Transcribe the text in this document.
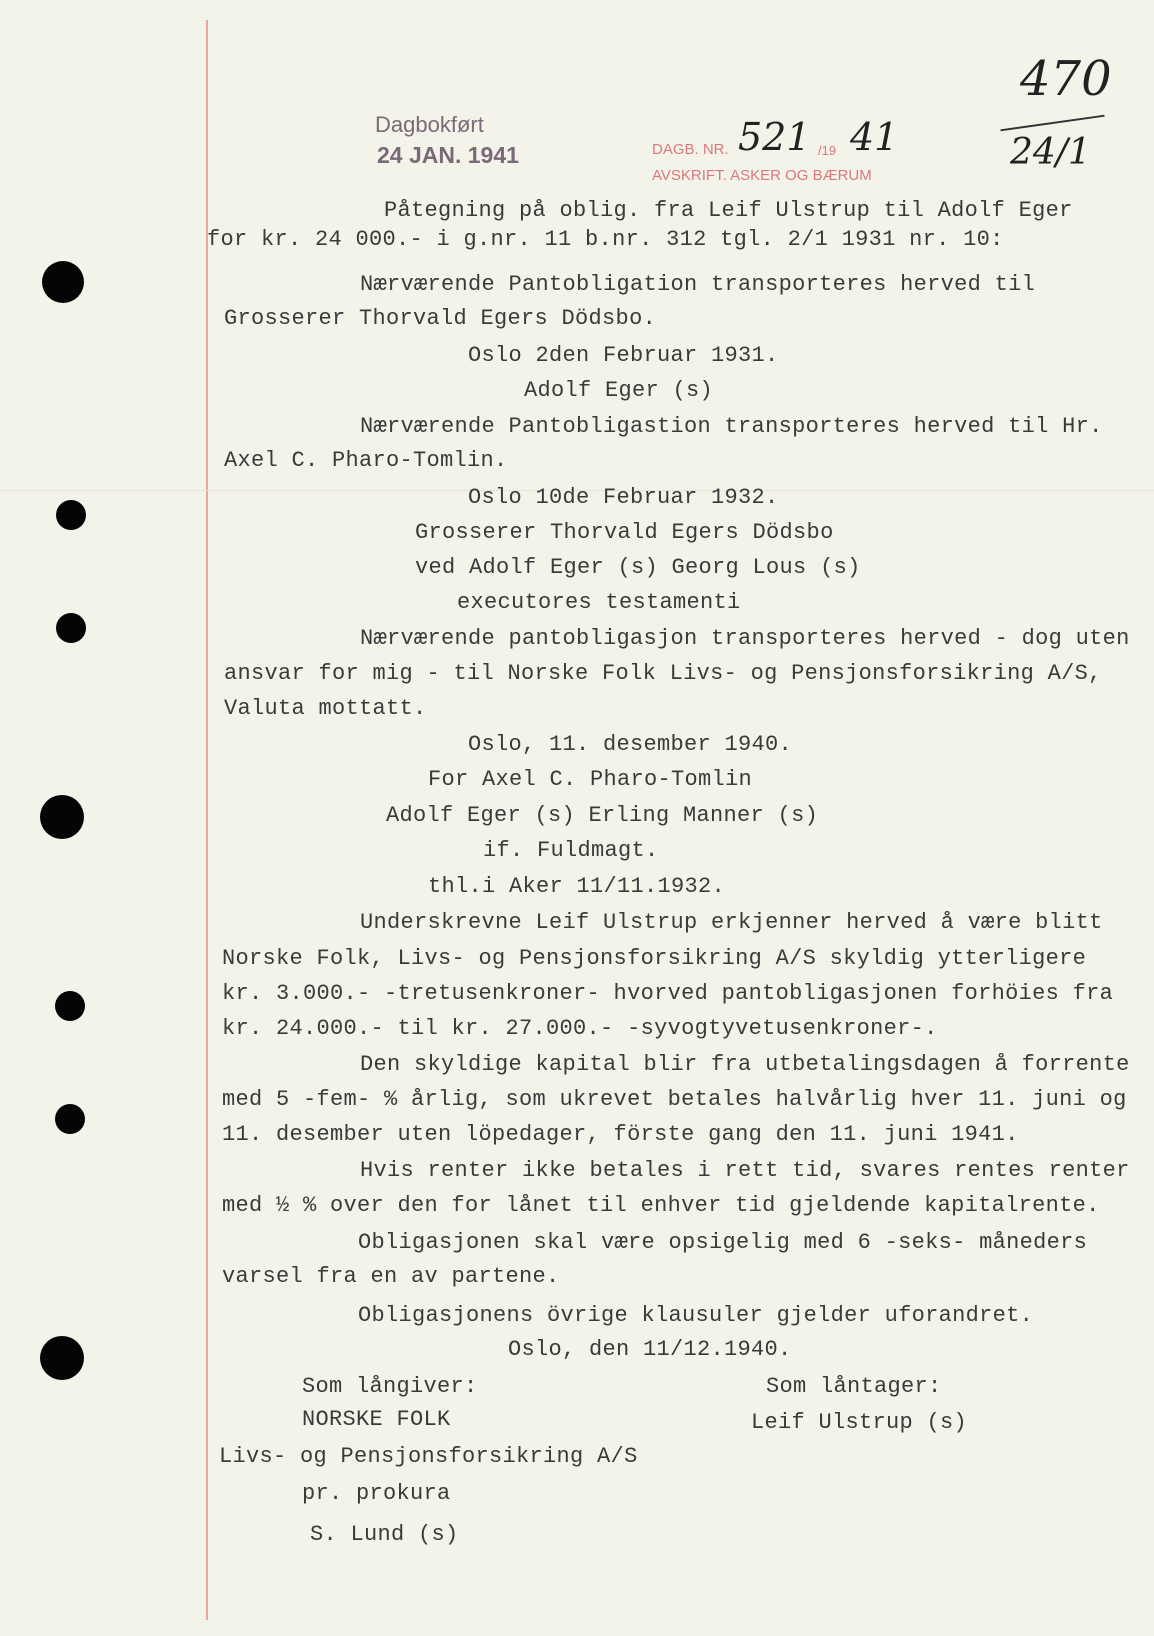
Dagbokført
24 JAN. 1941	DAGB. NR. 521 /19 41
AVSKRIFT. ASKER OG BÆRUM
470
24/1
Påtegning på oblig. fra Leif Ulstrup til Adolf Eger
for kr. 24 000.- i g.nr. 11 b.nr. 312 tgl. 2/1 1931 nr. 10:
Nærværende Pantobligation transporteres herved til
Grosserer Thorvald Egers Dödsbo.
Oslo 2den Februar 1931.
Adolf Eger (s)
Nærværende Pantobligastion transporteres herved til Hr.
Axel C. Pharo-Tomlin.
Oslo 10de Februar 1932.
Grosserer Thorvald Egers Dödsbo
ved Adolf Eger (s) Georg Lous (s)
executores testamenti
Nærværende pantobligasjon transporteres herved - dog uten
ansvar for mig - til Norske Folk Livs- og Pensjonsforsikring A/S,
Valuta mottatt.
Oslo, 11. desember 1940.
For Axel C. Pharo-Tomlin
Adolf Eger (s) Erling Manner (s)
if. Fuldmagt.
thl.i Aker 11/11.1932.
Underskrevne Leif Ulstrup erkjenner herved å være blitt
Norske Folk, Livs- og Pensjonsforsikring A/S skyldig ytterligere
kr. 3.000.- -tretusenkroner- hvorved pantobligasjonen forhöies fra
kr. 24.000.- til kr. 27.000.- -syvogtyvetusenkroner-.
Den skyldige kapital blir fra utbetalingsdagen å forrente
med 5 -fem- % årlig, som ukrevet betales halvårlig hver 11. juni og
11. desember uten löpedager, förste gang den 11. juni 1941.
Hvis renter ikke betales i rett tid, svares rentes renter
med ½ % over den for lånet til enhver tid gjeldende kapitalrente.
Obligasjonen skal være opsigelig med 6 -seks- måneders
varsel fra en av partene.
Obligasjonens övrige klausuler gjelder uforandret.
Oslo, den 11/12.1940.
Som långiver:	Som låntager:
NORSKE FOLK	Leif Ulstrup (s)
Livs- og Pensjonsforsikring A/S
pr. prokura
S. Lund (s)
